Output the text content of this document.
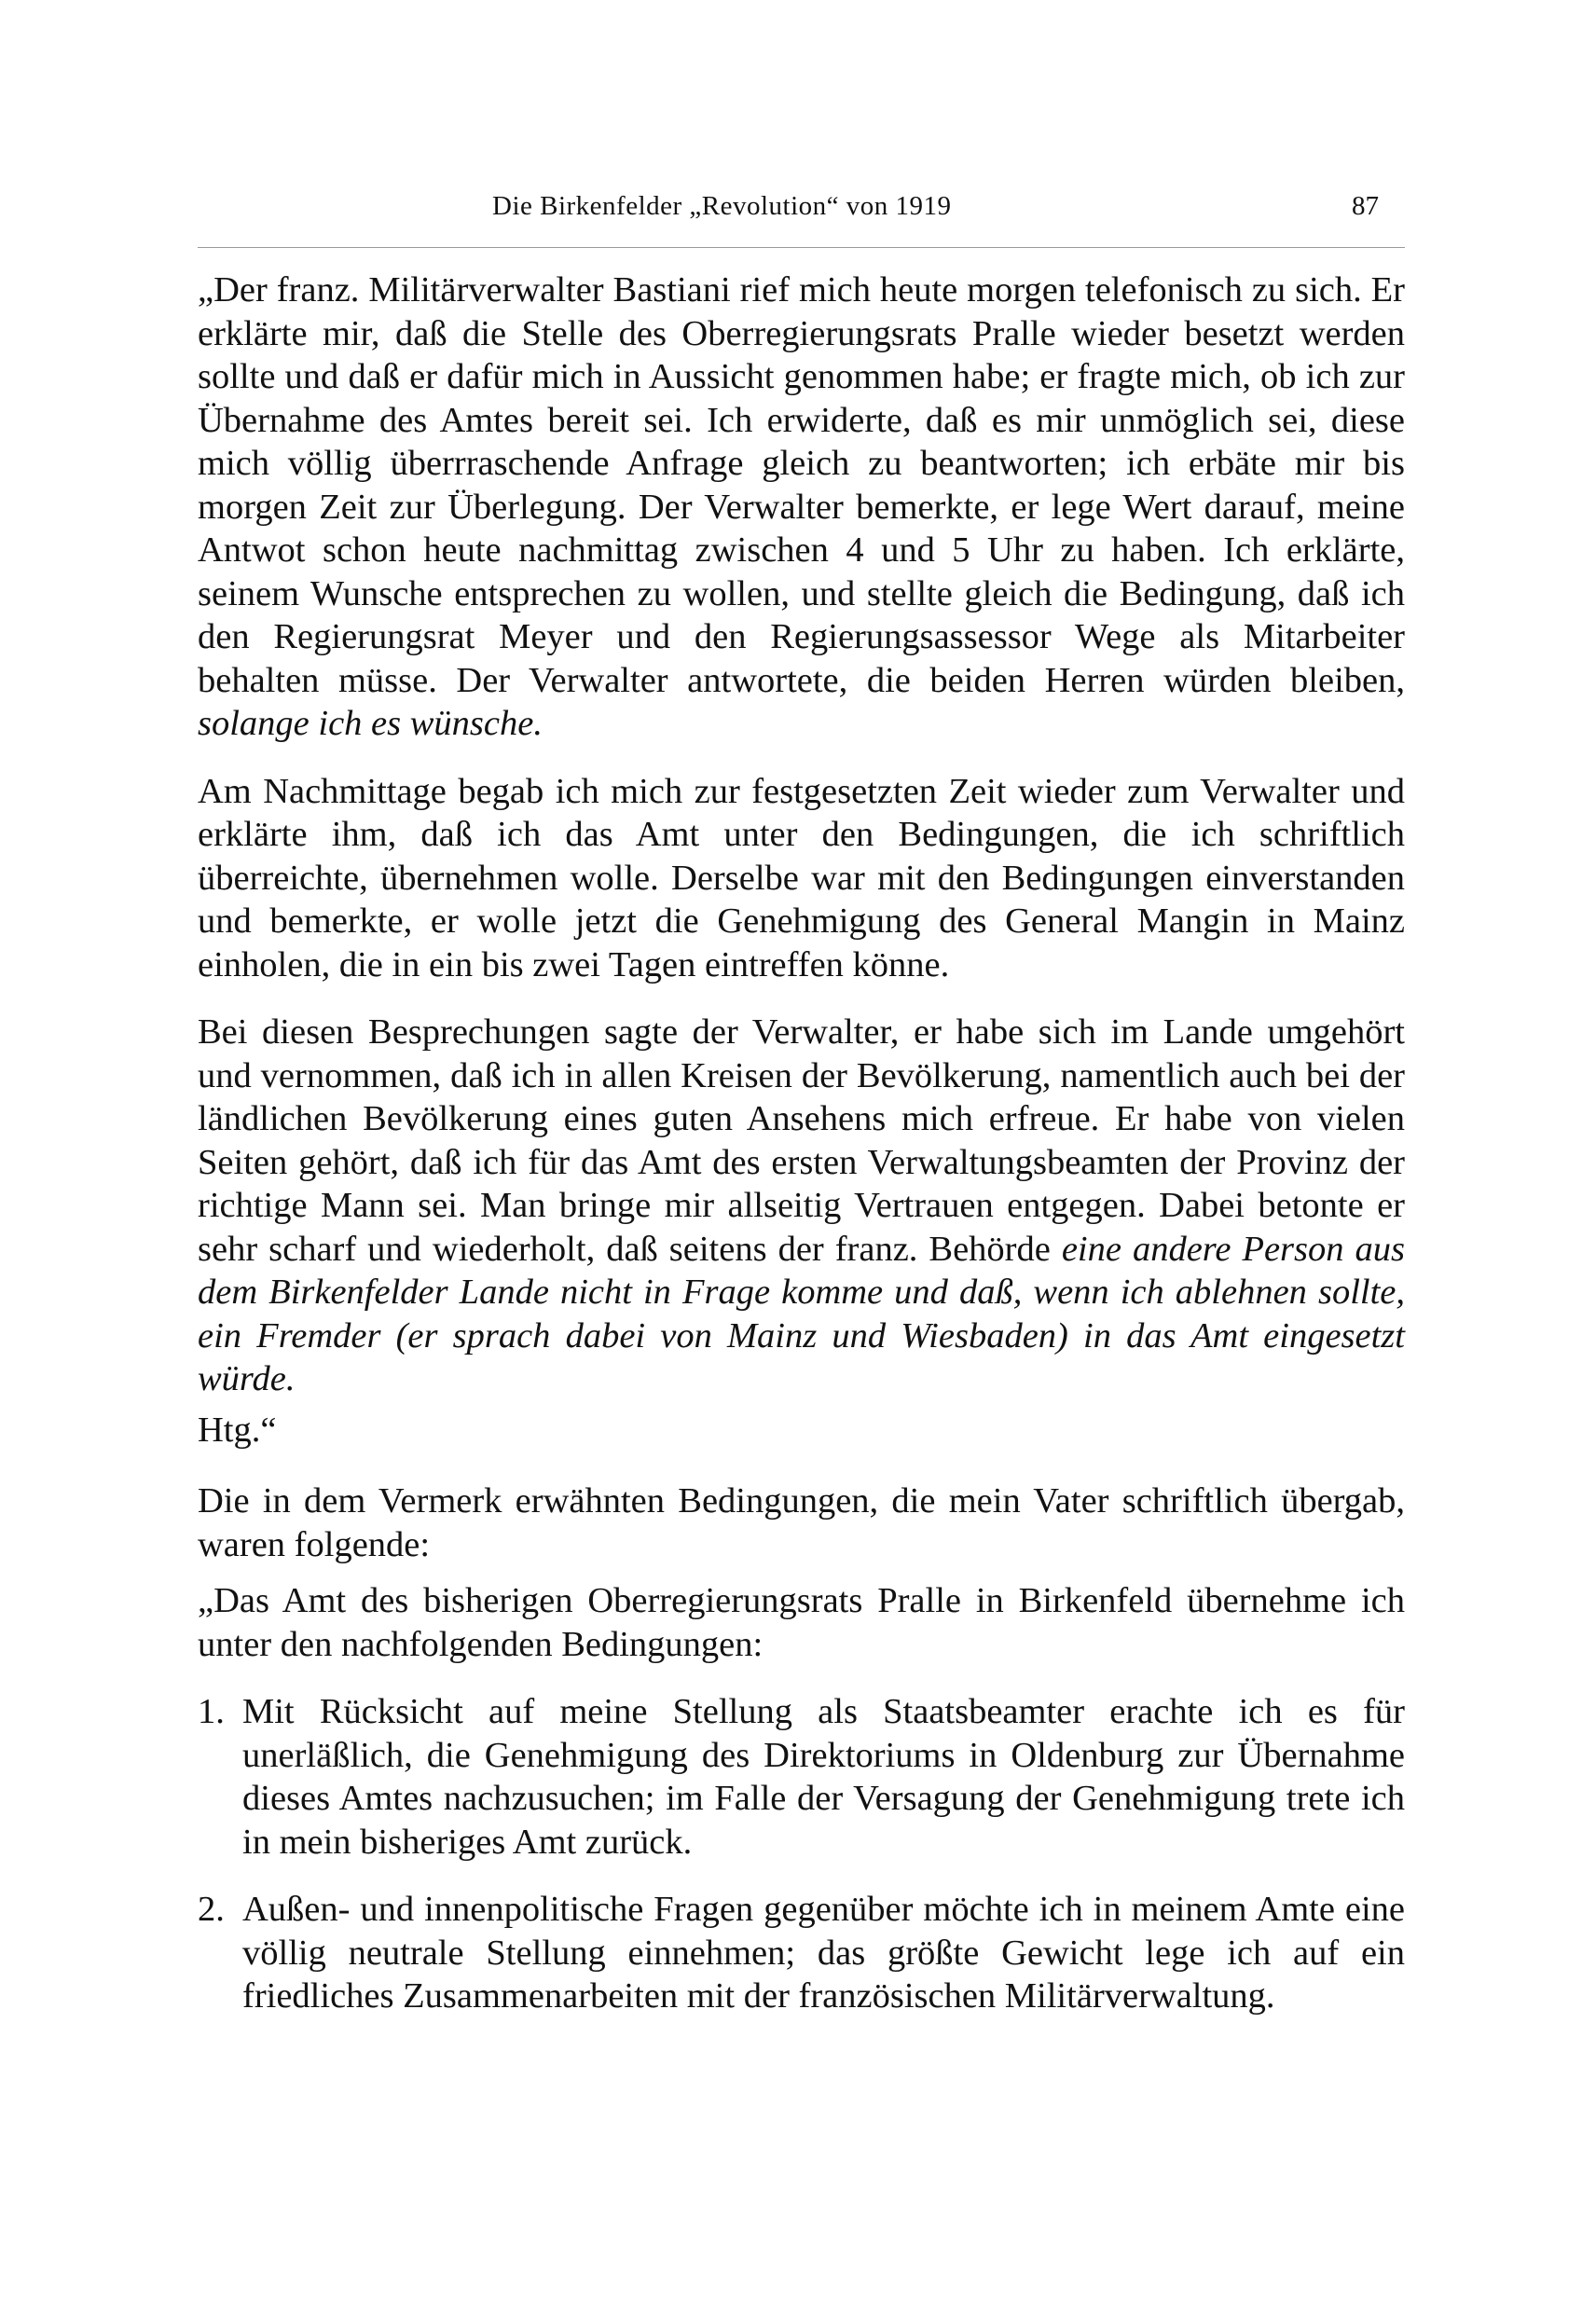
Die Birkenfelder „Revolution“ von 1919	87

„Der franz. Militärverwalter Bastiani rief mich heute morgen telefonisch zu sich. Er erklärte mir, daß die Stelle des Oberregierungsrats Pralle wieder besetzt werden sollte und daß er dafür mich in Aussicht genommen habe; er fragte mich, ob ich zur Übernahme des Amtes bereit sei. Ich erwiderte, daß es mir unmöglich sei, diese mich völlig überrraschende Anfrage gleich zu beantworten; ich erbäte mir bis morgen Zeit zur Überlegung. Der Verwalter bemerkte, er lege Wert darauf, meine Antwot schon heute nachmittag zwischen 4 und 5 Uhr zu haben. Ich erklärte, seinem Wunsche entsprechen zu wollen, und stellte gleich die Bedingung, daß ich den Regierungsrat Meyer und den Regierungsassessor Wege als Mitarbeiter behalten müsse. Der Verwalter antwortete, die beiden Herren würden bleiben, solange ich es wünsche.

Am Nachmittage begab ich mich zur festgesetzten Zeit wieder zum Verwalter und erklärte ihm, daß ich das Amt unter den Bedingungen, die ich schriftlich überreichte, übernehmen wolle. Derselbe war mit den Bedingungen einverstanden und bemerkte, er wolle jetzt die Genehmigung des General Mangin in Mainz einholen, die in ein bis zwei Tagen eintreffen könne.

Bei diesen Besprechungen sagte der Verwalter, er habe sich im Lande umgehört und vernommen, daß ich in allen Kreisen der Bevölkerung, namentlich auch bei der ländlichen Bevölkerung eines guten Ansehens mich erfreue. Er habe von vielen Seiten gehört, daß ich für das Amt des ersten Verwaltungsbeamten der Provinz der richtige Mann sei. Man bringe mir allseitig Vertrauen entgegen. Dabei betonte er sehr scharf und wiederholt, daß seitens der franz. Behörde eine andere Person aus dem Birkenfelder Lande nicht in Frage komme und daß, wenn ich ablehnen sollte, ein Fremder (er sprach dabei von Mainz und Wiesbaden) in das Amt eingesetzt würde.

Htg.“

Die in dem Vermerk erwähnten Bedingungen, die mein Vater schriftlich übergab, waren folgende:

„Das Amt des bisherigen Oberregierungsrats Pralle in Birkenfeld übernehme ich unter den nachfolgenden Bedingungen:

1. Mit Rücksicht auf meine Stellung als Staatsbeamter erachte ich es für unerläßlich, die Genehmigung des Direktoriums in Oldenburg zur Übernahme dieses Amtes nachzusuchen; im Falle der Versagung der Genehmigung trete ich in mein bisheriges Amt zurück.
2. Außen- und innenpolitische Fragen gegenüber möchte ich in meinem Amte eine völlig neutrale Stellung einnehmen; das größte Gewicht lege ich auf ein friedliches Zusammenarbeiten mit der französischen Militärverwaltung.
